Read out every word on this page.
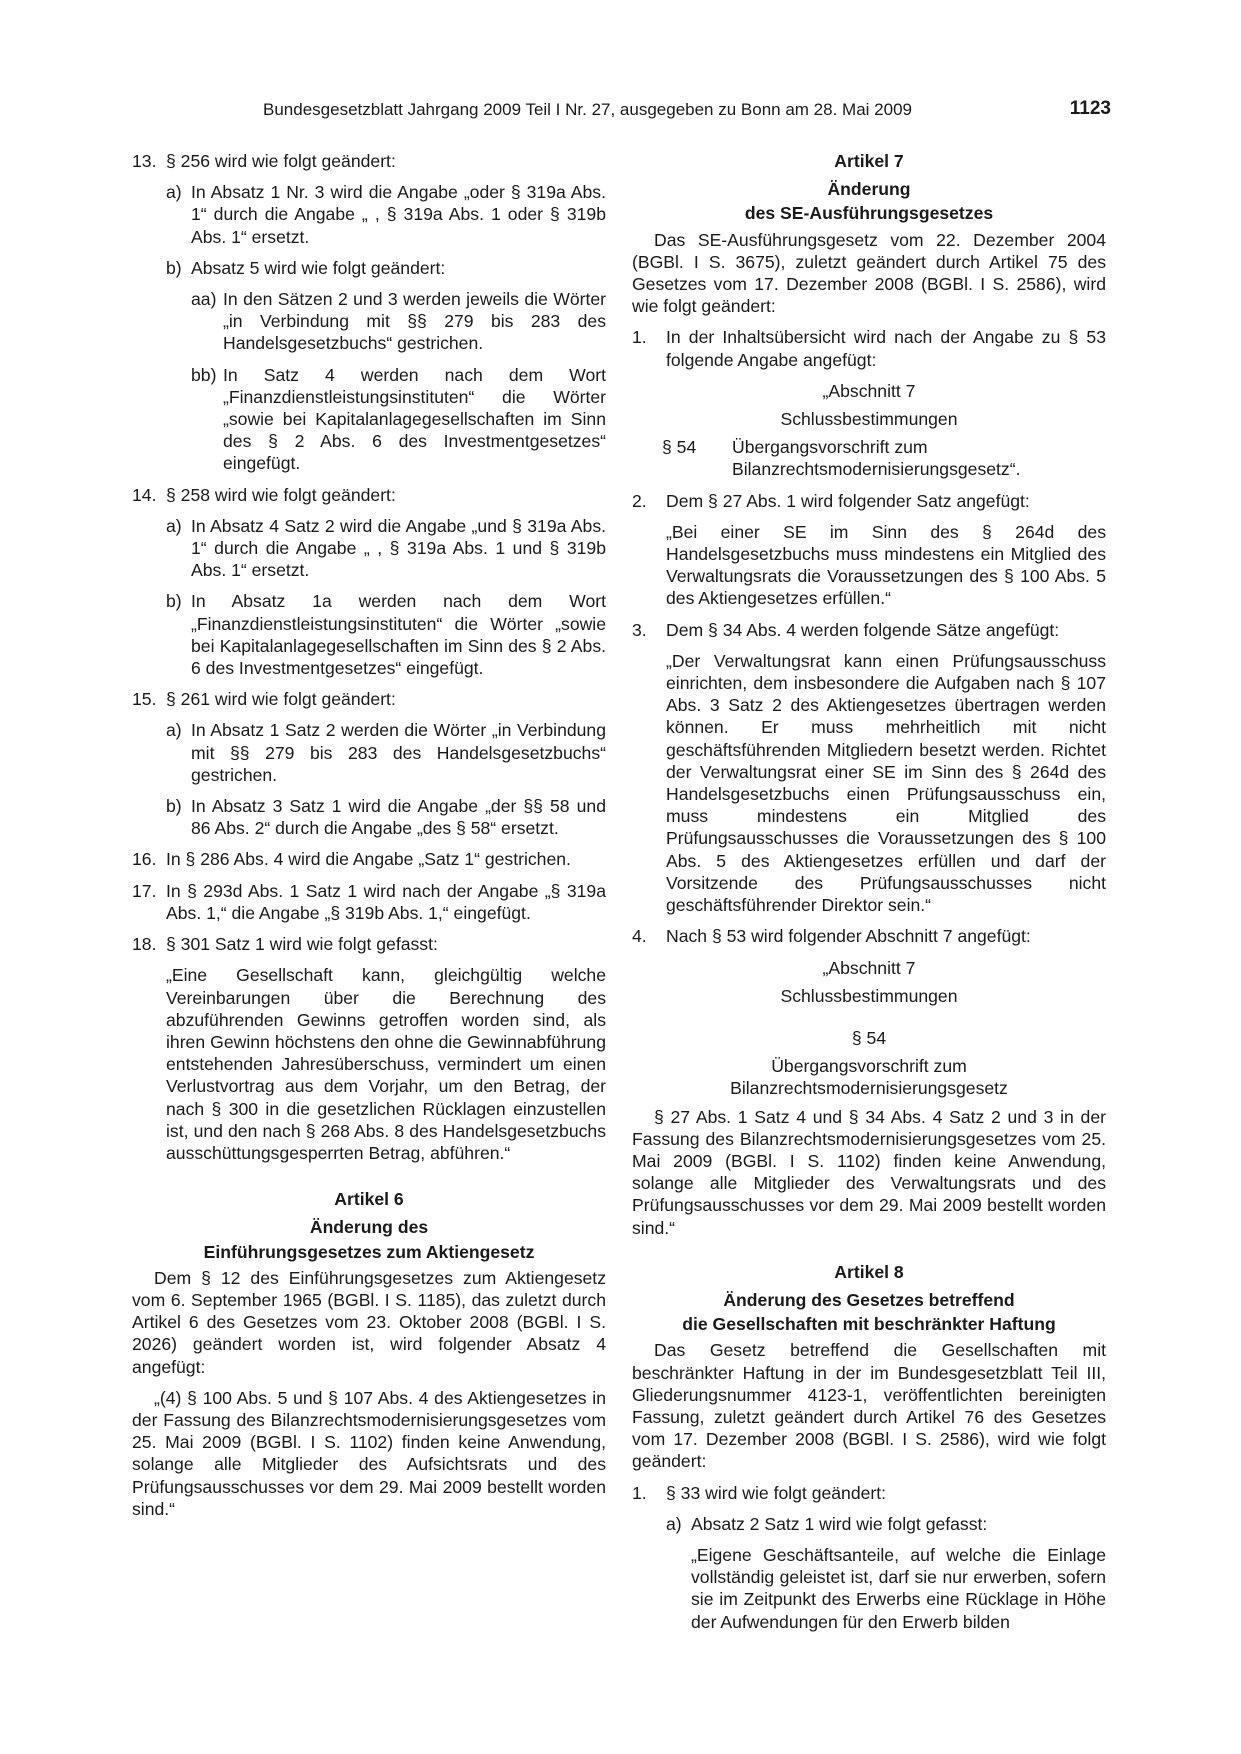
Bundesgesetzblatt Jahrgang 2009 Teil I Nr. 27, ausgegeben zu Bonn am 28. Mai 2009	1123
13. § 256 wird wie folgt geändert:
a) In Absatz 1 Nr. 3 wird die Angabe „oder § 319a Abs. 1“ durch die Angabe „ , § 319a Abs. 1 oder § 319b Abs. 1“ ersetzt.
b) Absatz 5 wird wie folgt geändert:
aa) In den Sätzen 2 und 3 werden jeweils die Wörter „in Verbindung mit §§ 279 bis 283 des Handelsgesetzbuchs“ gestrichen.
bb) In Satz 4 werden nach dem Wort „Finanzdienstleistungsinstituten“ die Wörter „sowie bei Kapitalanlagegesellschaften im Sinn des § 2 Abs. 6 des Investmentgesetzes“ eingefügt.
14. § 258 wird wie folgt geändert:
a) In Absatz 4 Satz 2 wird die Angabe „und § 319a Abs. 1“ durch die Angabe „ , § 319a Abs. 1 und § 319b Abs. 1“ ersetzt.
b) In Absatz 1a werden nach dem Wort „Finanzdienstleistungsinstituten“ die Wörter „sowie bei Kapitalanlagegesellschaften im Sinn des § 2 Abs. 6 des Investmentgesetzes“ eingefügt.
15. § 261 wird wie folgt geändert:
a) In Absatz 1 Satz 2 werden die Wörter „in Verbindung mit §§ 279 bis 283 des Handelsgesetzbuchs“ gestrichen.
b) In Absatz 3 Satz 1 wird die Angabe „der §§ 58 und 86 Abs. 2“ durch die Angabe „des § 58“ ersetzt.
16. In § 286 Abs. 4 wird die Angabe „Satz 1“ gestrichen.
17. In § 293d Abs. 1 Satz 1 wird nach der Angabe „§ 319a Abs. 1,“ die Angabe „§ 319b Abs. 1,“ eingefügt.
18. § 301 Satz 1 wird wie folgt gefasst:
„Eine Gesellschaft kann, gleichgültig welche Vereinbarungen über die Berechnung des abzuführenden Gewinns getroffen worden sind, als ihren Gewinn höchstens den ohne die Gewinnabführung entstehenden Jahresüberschuss, vermindert um einen Verlustvortrag aus dem Vorjahr, um den Betrag, der nach § 300 in die gesetzlichen Rücklagen einzustellen ist, und den nach § 268 Abs. 8 des Handelsgesetzbuchs ausschüttungsgesperrten Betrag, abführen.“
Artikel 6
Änderung des
Einführungsgesetzes zum Aktiengesetz
Dem § 12 des Einführungsgesetzes zum Aktiengesetz vom 6. September 1965 (BGBl. I S. 1185), das zuletzt durch Artikel 6 des Gesetzes vom 23. Oktober 2008 (BGBl. I S. 2026) geändert worden ist, wird folgender Absatz 4 angefügt:
„(4) § 100 Abs. 5 und § 107 Abs. 4 des Aktiengesetzes in der Fassung des Bilanzrechtsmodernisierungsgesetzes vom 25. Mai 2009 (BGBl. I S. 1102) finden keine Anwendung, solange alle Mitglieder des Aufsichtsrats und des Prüfungsausschusses vor dem 29. Mai 2009 bestellt worden sind.“
Artikel 7
Änderung
des SE-Ausführungsgesetzes
Das SE-Ausführungsgesetz vom 22. Dezember 2004 (BGBl. I S. 3675), zuletzt geändert durch Artikel 75 des Gesetzes vom 17. Dezember 2008 (BGBl. I S. 2586), wird wie folgt geändert:
1. In der Inhaltsübersicht wird nach der Angabe zu § 53 folgende Angabe angefügt:
„Abschnitt 7
Schlussbestimmungen
§ 54 Übergangsvorschrift zum Bilanzrechtsmodernisierungsgesetz“.
2. Dem § 27 Abs. 1 wird folgender Satz angefügt:
„Bei einer SE im Sinn des § 264d des Handelsgesetzbuchs muss mindestens ein Mitglied des Verwaltungsrats die Voraussetzungen des § 100 Abs. 5 des Aktiengesetzes erfüllen.“
3. Dem § 34 Abs. 4 werden folgende Sätze angefügt:
„Der Verwaltungsrat kann einen Prüfungsausschuss einrichten, dem insbesondere die Aufgaben nach § 107 Abs. 3 Satz 2 des Aktiengesetzes übertragen werden können. Er muss mehrheitlich mit nicht geschäftsführenden Mitgliedern besetzt werden. Richtet der Verwaltungsrat einer SE im Sinn des § 264d des Handelsgesetzbuchs einen Prüfungsausschuss ein, muss mindestens ein Mitglied des Prüfungsausschusses die Voraussetzungen des § 100 Abs. 5 des Aktiengesetzes erfüllen und darf der Vorsitzende des Prüfungsausschusses nicht geschäftsführender Direktor sein.“
4. Nach § 53 wird folgender Abschnitt 7 angefügt:
„Abschnitt 7
Schlussbestimmungen
§ 54
Übergangsvorschrift zum
Bilanzrechtsmodernisierungsgesetz
§ 27 Abs. 1 Satz 4 und § 34 Abs. 4 Satz 2 und 3 in der Fassung des Bilanzrechtsmodernisierungsgesetzes vom 25. Mai 2009 (BGBl. I S. 1102) finden keine Anwendung, solange alle Mitglieder des Verwaltungsrats und des Prüfungsausschusses vor dem 29. Mai 2009 bestellt worden sind.“
Artikel 8
Änderung des Gesetzes betreffend
die Gesellschaften mit beschränkter Haftung
Das Gesetz betreffend die Gesellschaften mit beschränkter Haftung in der im Bundesgesetzblatt Teil III, Gliederungsnummer 4123-1, veröffentlichten bereinigten Fassung, zuletzt geändert durch Artikel 76 des Gesetzes vom 17. Dezember 2008 (BGBl. I S. 2586), wird wie folgt geändert:
1. § 33 wird wie folgt geändert:
a) Absatz 2 Satz 1 wird wie folgt gefasst:
„Eigene Geschäftsanteile, auf welche die Einlage vollständig geleistet ist, darf sie nur erwerben, sofern sie im Zeitpunkt des Erwerbs eine Rücklage in Höhe der Aufwendungen für den Erwerb bilden
